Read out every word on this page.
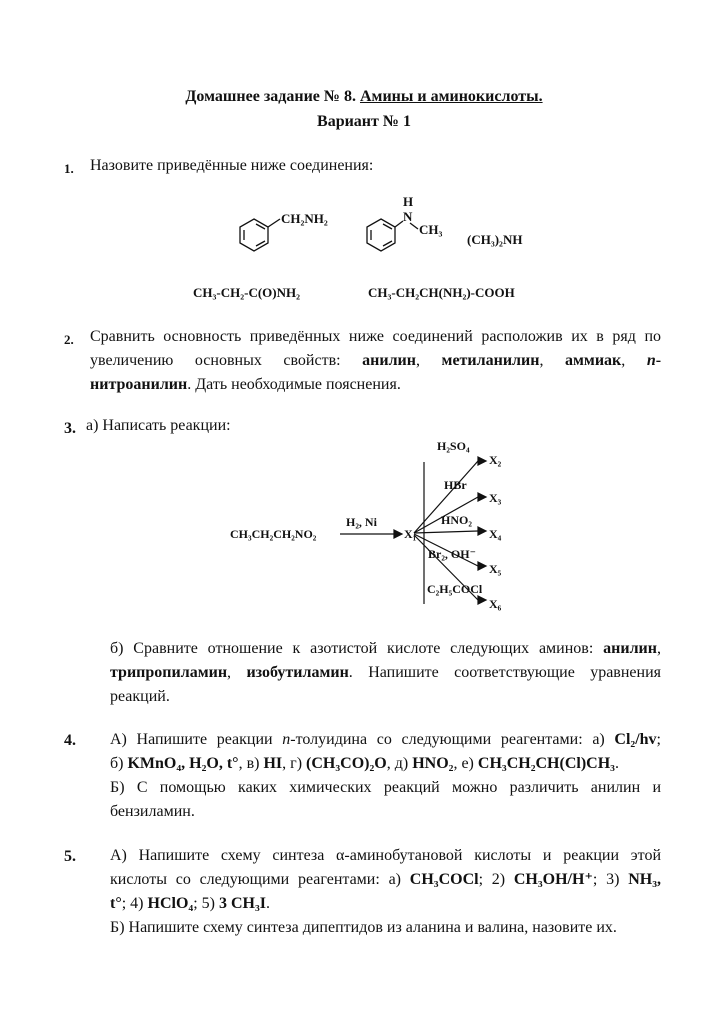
Домашнее задание № 8. Амины и аминокислоты.
Вариант № 1
1. Назовите приведённые ниже соединения:
CH₂NH₂
H
N
CH₃
(CH₃)₂NH
CH₃-CH₂-C(O)NH₂	CH₃-CH₂CH(NH₂)-COOH
2. Сравнить основность приведённых ниже соединений расположив их в ряд по
увеличению основных свойств: анилин, метиланилин, аммиак, n-
нитроанилин. Дать необходимые пояснения.
3. а) Написать реакции:
CH₃CH₂CH₂NO₂
H₂, Ni
X₁
H₂SO₄
X₂
HBr
X₃
HNO₂
X₄
Br₂, OH⁻
X₅
C₂H₅COCl
X₆
б) Сравните отношение к азотистой кислоте следующих аминов: анилин,
трипропиламин, изобутиламин. Напишите соответствующие уравнения
реакций.
4. А) Напишите реакции n-толуидина со следующими реагентами: а) Cl₂/hv;
б) KMnO₄, H₂O, t°, в) HI, г) (CH₃CO)₂O, д) HNO₂, е) CH₃CH₂CH(Cl)CH₃.
Б) С помощью каких химических реакций можно различить анилин и
бензиламин.
5. А) Напишите схему синтеза α-аминобутановой кислоты и реакции этой
кислоты со следующими реагентами: а) CH₃COCl; 2) CH₃OH/H⁺; 3) NH₃,
t°; 4) HClO₄; 5) 3 CH₃I.
Б) Напишите схему синтеза дипептидов из аланина и валина, назовите их.
